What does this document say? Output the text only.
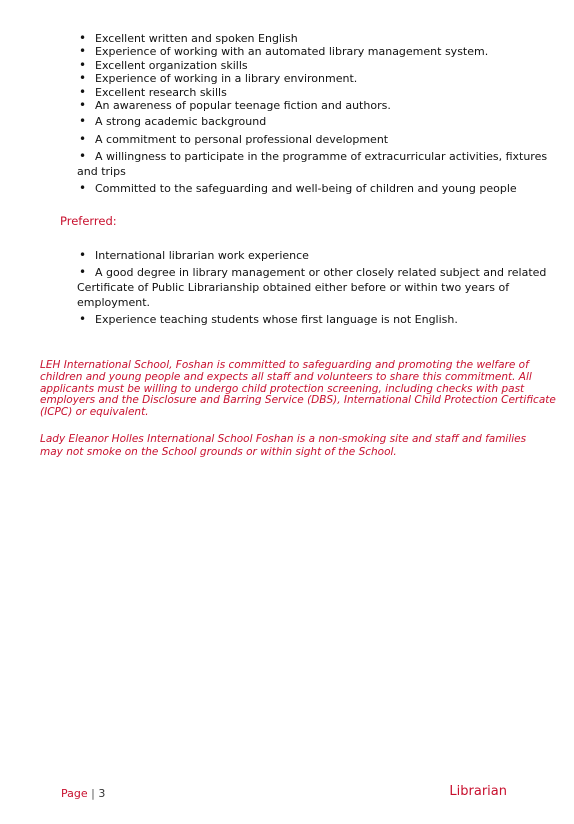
• Excellent written and spoken English
• Experience of working with an automated library management system.
• Excellent organization skills
• Experience of working in a library environment.
• Excellent research skills
• An awareness of popular teenage fiction and authors.
• A strong academic background
• A commitment to personal professional development
• A willingness to participate in the programme of extracurricular activities, fixtures
and trips
• Committed to the safeguarding and well-being of children and young people
Preferred:
• International librarian work experience
• A good degree in library management or other closely related subject and related
Certificate of Public Librarianship obtained either before or within two years of
employment.
• Experience teaching students whose first language is not English.
LEH International School, Foshan is committed to safeguarding and promoting the welfare of
children and young people and expects all staff and volunteers to share this commitment. All
applicants must be willing to undergo child protection screening, including checks with past
employers and the Disclosure and Barring Service (DBS), International Child Protection Certificate
(ICPC) or equivalent.
Lady Eleanor Holles International School Foshan is a non-smoking site and staff and families
may not smoke on the School grounds or within sight of the School.
Page | 3	Librarian
